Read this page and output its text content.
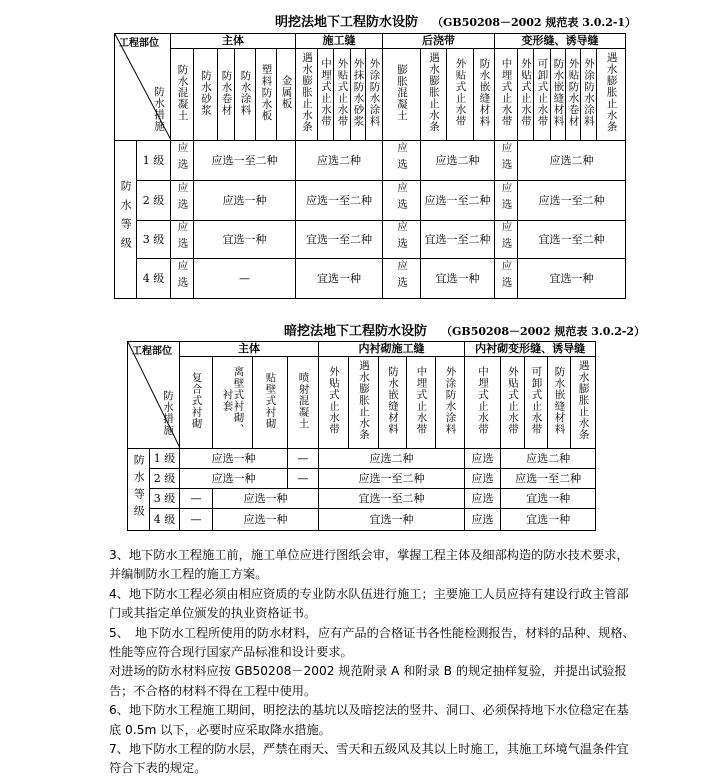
明挖法地下工程防水设防 （GB50208－2002 规范表 3.0.2-1）
工程部位
防水措施		主体						施工缝					后浇带				变形缝、诱导缝						
		防水混凝土	防水砂浆	防水卷材	防水涂料	塑料防水板	金属板	遇水膨胀止水条	中埋式止水带	外贴式止水带	外抹防水砂浆	外涂防水涂料	膨胀混凝土	遇水膨胀止水条	外贴式止水带	防水嵌缝材料	中埋式止水带	外贴式止水带	可卸式止水带	防水嵌缝材料	外贴防水卷材	外涂防水涂料	遇水膨胀止水条
防水等级	1 级	应选	应选一至二种					应选二种					应选	应选二种			应选	应选二种					
	2 级	应选	应选一种					应选一至二种					应选	应选一至二种			应选	应选一至二种					
	3 级	应选	宜选一种					宜选一至二种					应选	宜选一至二种			应选	宜选一至二种					
	4 级	应选	—					宜选一种					应选	宜选一种			应选	宜选一种					
暗挖法地下工程防水设防 （GB50208－2002 规范表 3.0.2-2）
工程部位
防水措施		主体				内衬砌施工缝					内衬砌变形缝、诱导缝				
		复合式衬砌	离壁式衬砌、衬套	贴壁式衬砌	喷射混凝土	外贴式止水带	遇水膨胀止水条	防水嵌缝材料	中埋式止水带	外涂防水涂料	中埋式止水带	外贴式止水带	可卸式止水带	防水嵌缝材料	遇水膨胀止水条
防水等级	1 级	应选一种			—	应选二种					应选	应选二种			
	2 级	应选一种			—	应选一至二种					应选	应选一至二种			
	3 级	—	应选一种			宜选一至二种					应选	宜选一种			
	4 级	—	应选一种			宜选一种					应选	宜选一种			

3、地下防水工程施工前，施工单位应进行图纸会审，掌握工程主体及细部构造的防水技术要求，并编制防水工程的施工方案。

4、地下防水工程必须由相应资质的专业防水队伍进行施工；主要施工人员应持有建设行政主管部门或其指定单位颁发的执业资格证书。

5、　地下防水工程所使用的防水材料，应有产品的合格证书各性能检测报告，材料的品种、规格、性能等应符合现行国家产品标准和设计要求。

对进场的防水材料应按 GB50208－2002 规范附录 A 和附录 B 的规定抽样复验，并提出试验报告；不合格的材料不得在工程中使用。

6、地下防水工程施工期间，明挖法的基坑以及暗挖法的竖井、洞口、必须保持地下水位稳定在基底 0.5m 以下，必要时应采取降水措施。

7、地下防水工程的防水层，严禁在雨天、雪天和五级风及其以上时施工，其施工环境气温条件宜符合下表的规定。
